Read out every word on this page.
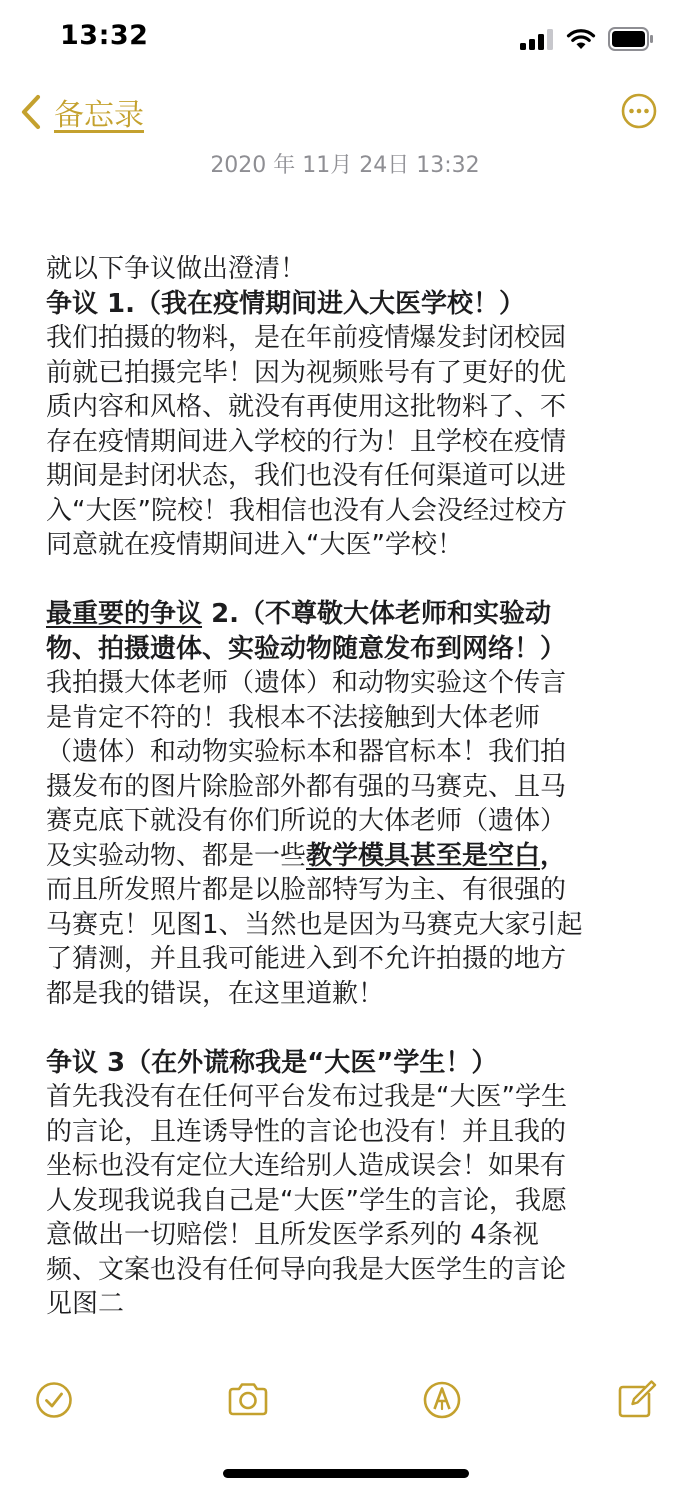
13:32
备忘录
2020 年 11月 24日 13:32

就以下争议做出澄清！

争议 1.（我在疫情期间进入大医学校！）

我们拍摄的物料，是在年前疫情爆发封闭校园

前就已拍摄完毕！因为视频账号有了更好的优

质内容和风格、就没有再使用这批物料了、不

存在疫情期间进入学校的行为！且学校在疫情

期间是封闭状态，我们也没有任何渠道可以进

入“大医”院校！我相信也没有人会没经过校方

同意就在疫情期间进入“大医”学校！

最重要的争议 2.（不尊敬大体老师和实验动

物、拍摄遗体、实验动物随意发布到网络！）

我拍摄大体老师（遗体）和动物实验这个传言

是肯定不符的！我根本不法接触到大体老师

（遗体）和动物实验标本和器官标本！我们拍

摄发布的图片除脸部外都有强的马赛克、且马

赛克底下就没有你们所说的大体老师（遗体）

及实验动物、都是一些教学模具甚至是空白，

而且所发照片都是以脸部特写为主、有很强的

马赛克！见图1、当然也是因为马赛克大家引起

了猜测，并且我可能进入到不允许拍摄的地方

都是我的错误，在这里道歉！

争议 3（在外谎称我是“大医”学生！）

首先我没有在任何平台发布过我是“大医”学生

的言论，且连诱导性的言论也没有！并且我的

坐标也没有定位大连给别人造成误会！如果有

人发现我说我自己是“大医”学生的言论，我愿

意做出一切赔偿！且所发医学系列的 4条视

频、文案也没有任何导向我是大医学生的言论

见图二
